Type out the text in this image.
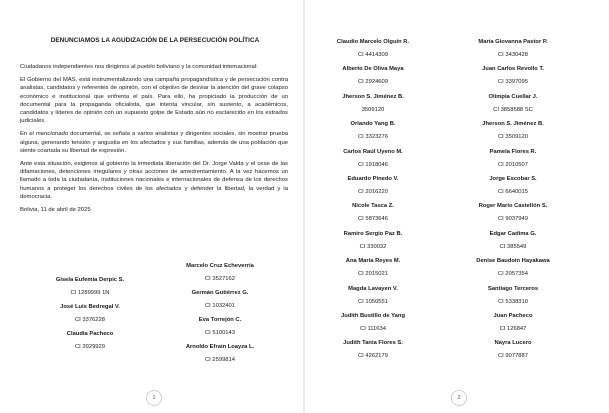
DENUNCIAMOS LA AGUDIZACIÓN DE LA PERSECUCIÓN POLÍTICA

Ciudadanos independientes nos dirigimos al pueblo boliviano y la comunidad internacional:

El Gobierno del MAS, está instrumentalizando una campaña propagandística y de persecución contra analistas, candidatos y referentes de opinión, con el objetivo de desviar la atención del grave colapso económico e institucional que enfrenta el país. Para ello, ha propiciado la producción de un documental para la propaganda oficialista, que intenta vincular, sin sustento, a académicos, candidatos y líderes de opinión con un supuesto golpe de Estado aún no esclarecido en los estrados judiciales.

En el mencionado documental, se señala a varios analistas y dirigentes sociales, sin mostrar prueba alguna, generando tensión y angustia en los afectados y sus familias, además de una población que siente coartada su libertad de expresión.

Ante esta situación, exigimos al gobierno la inmediata liberación del Dr. Jorge Valda y el cese de las difamaciones, detenciones irregulares y otras acciones de amedrentamiento. A la vez hacemos un llamado a toda la ciudadanía, instituciones nacionales e internacionales de defensa de los derechos humanos a proteger los derechos civiles de los afectados y defender la libertad, la verdad y la democracia.

Bolivia, 11 de abril de 2025

Gisela Eufemia Derpic S.
CI 1289999 1N
José Luis Bedregal V.
CI 3376228
Claudia Pacheco
CI 3929929
Marcelo Cruz Echeverría
CI 3527162
Germán Gutiérrez G.
CI 1032401
Eva Torrejón C.
CI 5100143
Arnoldo Efraín Loayza L.
CI 2599814
1
Claudio Marcelo Olguín R.
CI 4414309
Alberto De Oliva Maya
CI 2924609
Jherson S. Jiménez B.
3509120
Orlando Yang B.
CI 3323276
Carlos Raúl Uyeno M.
CI 1918046
Eduardo Pinedo V.
CI 2016220
Nicole Tasca Z.
CI 5873646
Ramiro Sergio Paz B.
CI 330032
Ana María Reyes M.
CI 2015021
Magda Lavayen V.
CI 1050551
Judith Bustillo de Yang
CI 111634
Judith Tania Flores S.
CI 4262179
María Giovanna Pastor P.
CI 3430428
Juan Carlos Revollo T.
CI 3397095
Olimpia Cuellar J.
CI 3858588 SC
Jherson S. Jiménez B.
CI 3509120
Pamela Flores R.
CI 2010507
Jorge Escobar S.
CI 6640015
Roger Mario Castellón S.
CI 9037949
Edgar Cadima G.
CI 385549
Denise Baudoin Hayakawa
CI 2057354
Santiago Terceros
CI 5338310
Juan Pacheco
CI 126847
Nayra Lucero
CI 9077887
2
